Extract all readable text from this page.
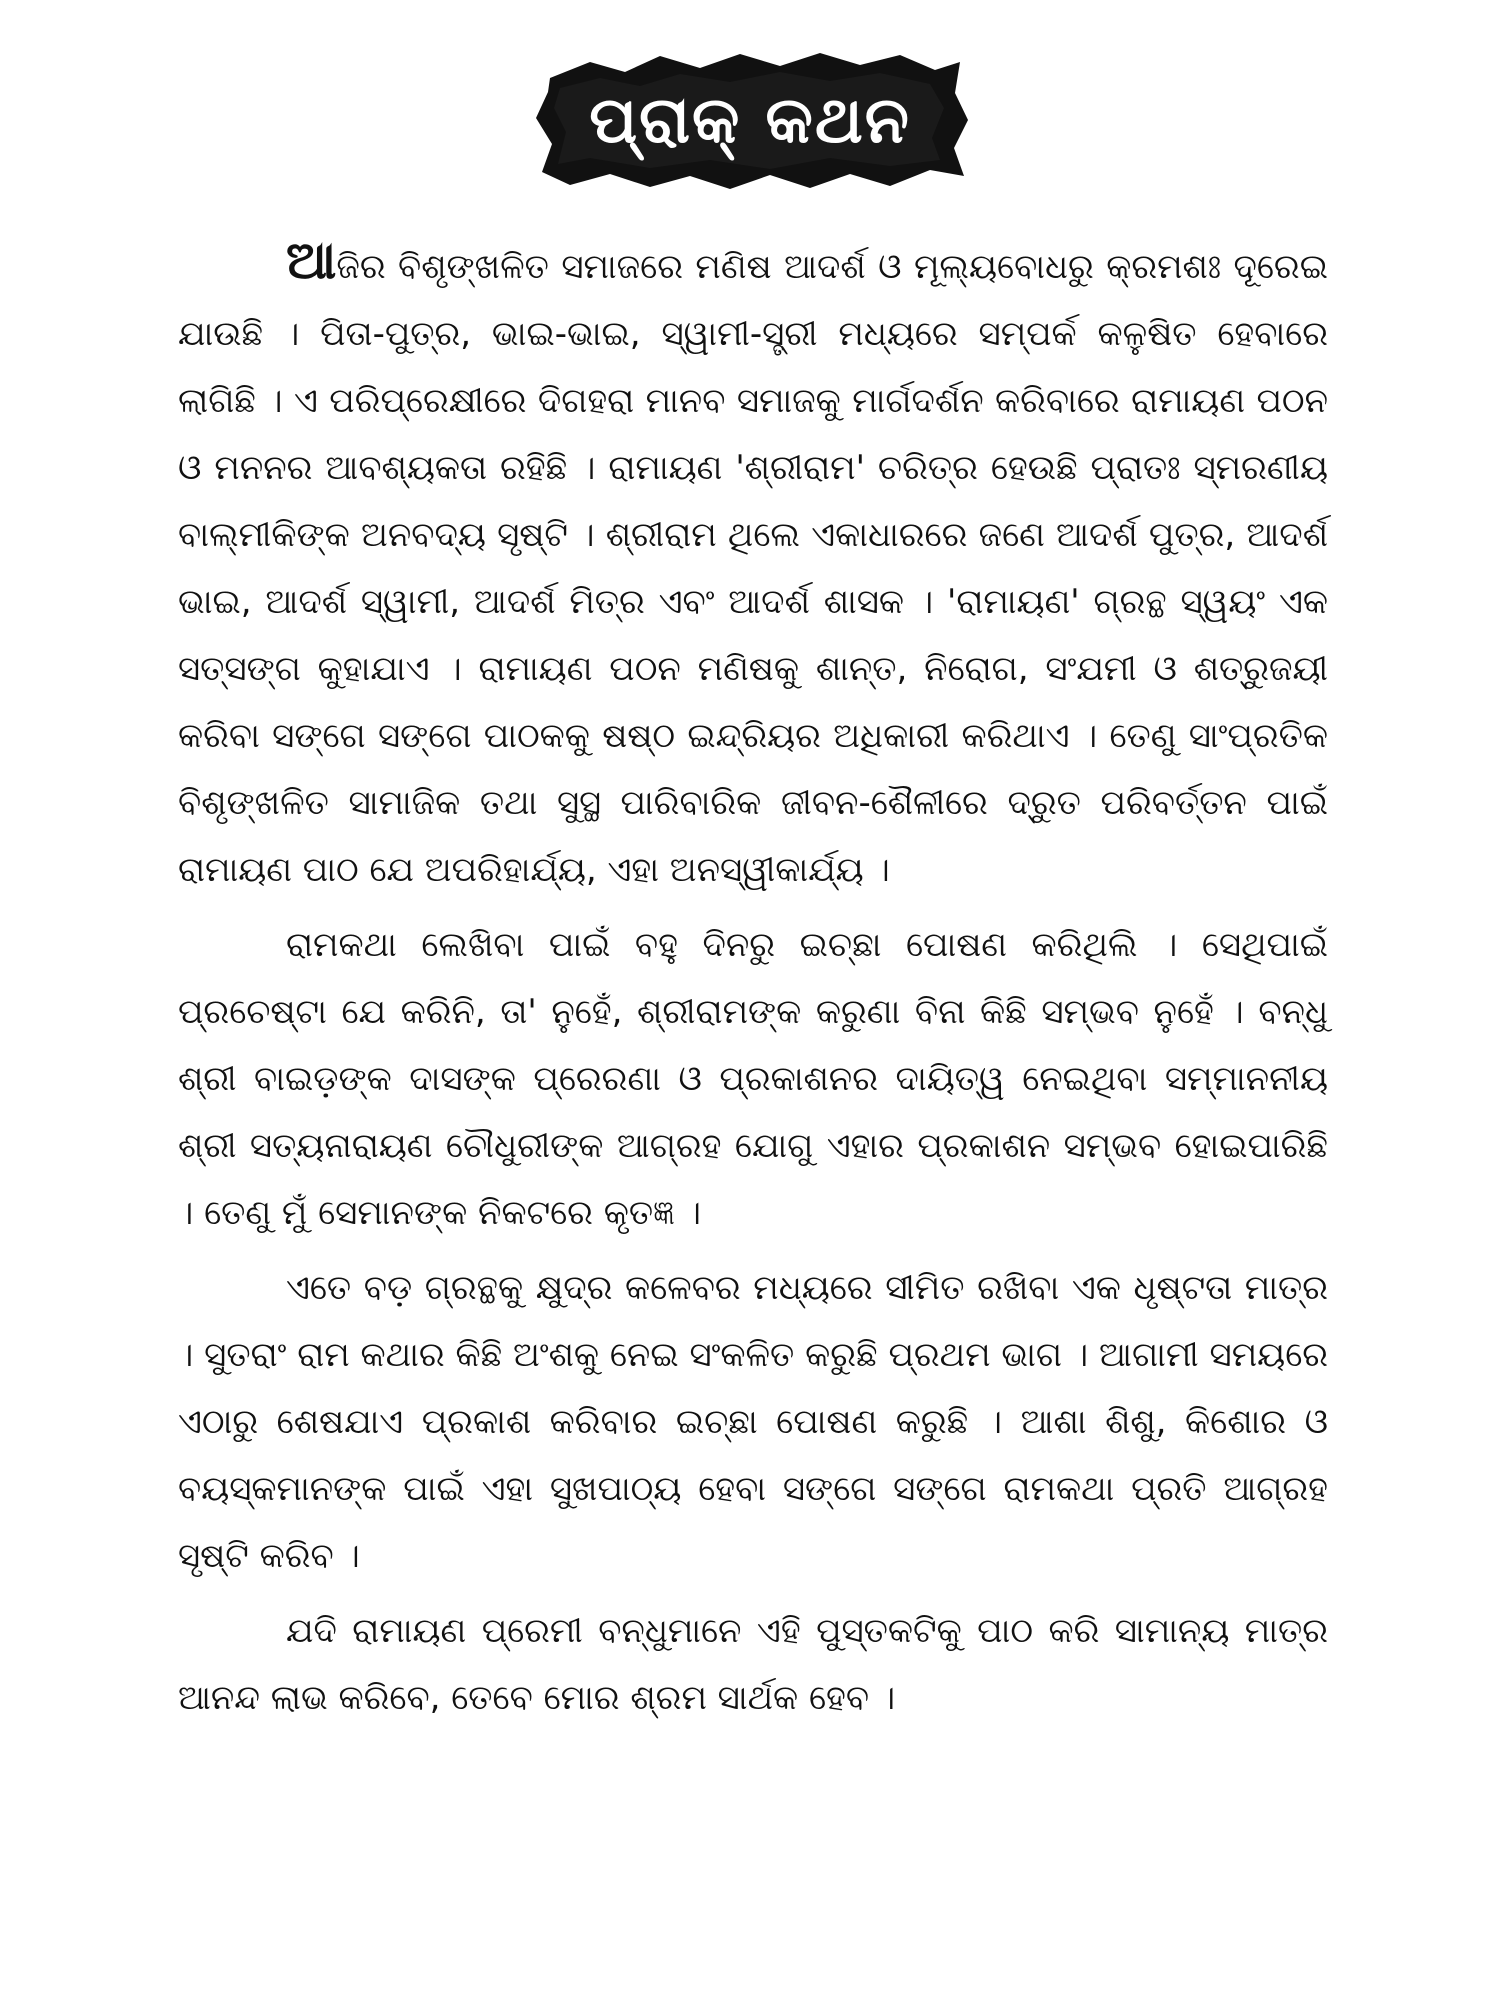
ପ୍ରାକ୍ କଥନ

ଆଜିର ବିଶୃଙ୍ଖଳିତ ସମାଜରେ ମଣିଷ ଆଦର୍ଶ ଓ ମୂଲ୍ୟବୋଧରୁ କ୍ରମଶଃ ଦୂରେଇ ଯାଉଛି । ପିତା-ପୁତ୍ର, ଭାଇ-ଭାଇ, ସ୍ୱାମୀ-ସ୍ତ୍ରୀ ମଧ୍ୟରେ ସମ୍ପର୍କ କଳୁଷିତ ହେବାରେ ଲାଗିଛି । ଏ ପରିପ୍ରେକ୍ଷୀରେ ଦିଗହରା ମାନବ ସମାଜକୁ ମାର୍ଗଦର୍ଶନ କରିବାରେ ରାମାୟଣ ପଠନ ଓ ମନନର ଆବଶ୍ୟକତା ରହିଛି । ରାମାୟଣ 'ଶ୍ରୀରାମ' ଚରିତ୍ର ହେଉଛି ପ୍ରାତଃ ସ୍ମରଣୀୟ ବାଲ୍ମୀକିଙ୍କ ଅନବଦ୍ୟ ସୃଷ୍ଟି । ଶ୍ରୀରାମ ଥିଲେ ଏକାଧାରରେ ଜଣେ ଆଦର୍ଶ ପୁତ୍ର, ଆଦର୍ଶ ଭାଇ, ଆଦର୍ଶ ସ୍ୱାମୀ, ଆଦର୍ଶ ମିତ୍ର ଏବଂ ଆଦର୍ଶ ଶାସକ । 'ରାମାୟଣ' ଗ୍ରନ୍ଥ ସ୍ୱୟଂ ଏକ ସତ୍ସଙ୍ଗ କୁହାଯାଏ । ରାମାୟଣ ପଠନ ମଣିଷକୁ ଶାନ୍ତ, ନିରୋଗ, ସଂଯମୀ ଓ ଶତ୍ରୁଜୟୀ କରିବା ସଙ୍ଗେ ସଙ୍ଗେ ପାଠକକୁ ଷଷ୍ଠ ଇନ୍ଦ୍ରିୟର ଅଧିକାରୀ କରିଥାଏ । ତେଣୁ ସାଂପ୍ରତିକ ବିଶୃଙ୍ଖଳିତ ସାମାଜିକ ତଥା ସୁସ୍ଥ ପାରିବାରିକ ଜୀବନ-ଶୈଳୀରେ ଦ୍ରୁତ ପରିବର୍ତ୍ତନ ପାଇଁ ରାମାୟଣ ପାଠ ଯେ ଅପରିହାର୍ଯ୍ୟ, ଏହା ଅନସ୍ୱୀକାର୍ଯ୍ୟ ।

ରାମକଥା ଲେଖିବା ପାଇଁ ବହୁ ଦିନରୁ ଇଚ୍ଛା ପୋଷଣ କରିଥିଲି । ସେଥିପାଇଁ ପ୍ରଚେଷ୍ଟା ଯେ କରିନି, ତା' ନୁହେଁ, ଶ୍ରୀରାମଙ୍କ କରୁଣା ବିନା କିଛି ସମ୍ଭବ ନୁହେଁ । ବନ୍ଧୁ ଶ୍ରୀ ବାଇଡ଼ଙ୍କ ଦାସଙ୍କ ପ୍ରେରଣା ଓ ପ୍ରକାଶନର ଦାୟିତ୍ୱ ନେଇଥିବା ସମ୍ମାନନୀୟ ଶ୍ରୀ ସତ୍ୟନାରାୟଣ ଚୌଧୁରୀଙ୍କ ଆଗ୍ରହ ଯୋଗୁ ଏହାର ପ୍ରକାଶନ ସମ୍ଭବ ହୋଇପାରିଛି । ତେଣୁ ମୁଁ ସେମାନଙ୍କ ନିକଟରେ କୃତଜ୍ଞ ।

ଏତେ ବଡ଼ ଗ୍ରନ୍ଥକୁ କ୍ଷୁଦ୍ର କଳେବର ମଧ୍ୟରେ ସୀମିତ ରଖିବା ଏକ ଧୃଷ୍ଟତା ମାତ୍ର । ସୁତରାଂ ରାମ କଥାର କିଛି ଅଂଶକୁ ନେଇ ସଂକଳିତ କରୁଛି ପ୍ରଥମ ଭାଗ । ଆଗାମୀ ସମୟରେ ଏଠାରୁ ଶେଷଯାଏ ପ୍ରକାଶ କରିବାର ଇଚ୍ଛା ପୋଷଣ କରୁଛି । ଆଶା ଶିଶୁ, କିଶୋର ଓ ବୟସ୍କମାନଙ୍କ ପାଇଁ ଏହା ସୁଖପାଠ୍ୟ ହେବା ସଙ୍ଗେ ସଙ୍ଗେ ରାମକଥା ପ୍ରତି ଆଗ୍ରହ ସୃଷ୍ଟି କରିବ ।

ଯଦି ରାମାୟଣ ପ୍ରେମୀ ବନ୍ଧୁମାନେ ଏହି ପୁସ୍ତକଟିକୁ ପାଠ କରି ସାମାନ୍ୟ ମାତ୍ର ଆନନ୍ଦ ଲାଭ କରିବେ, ତେବେ ମୋର ଶ୍ରମ ସାର୍ଥକ ହେବ ।
